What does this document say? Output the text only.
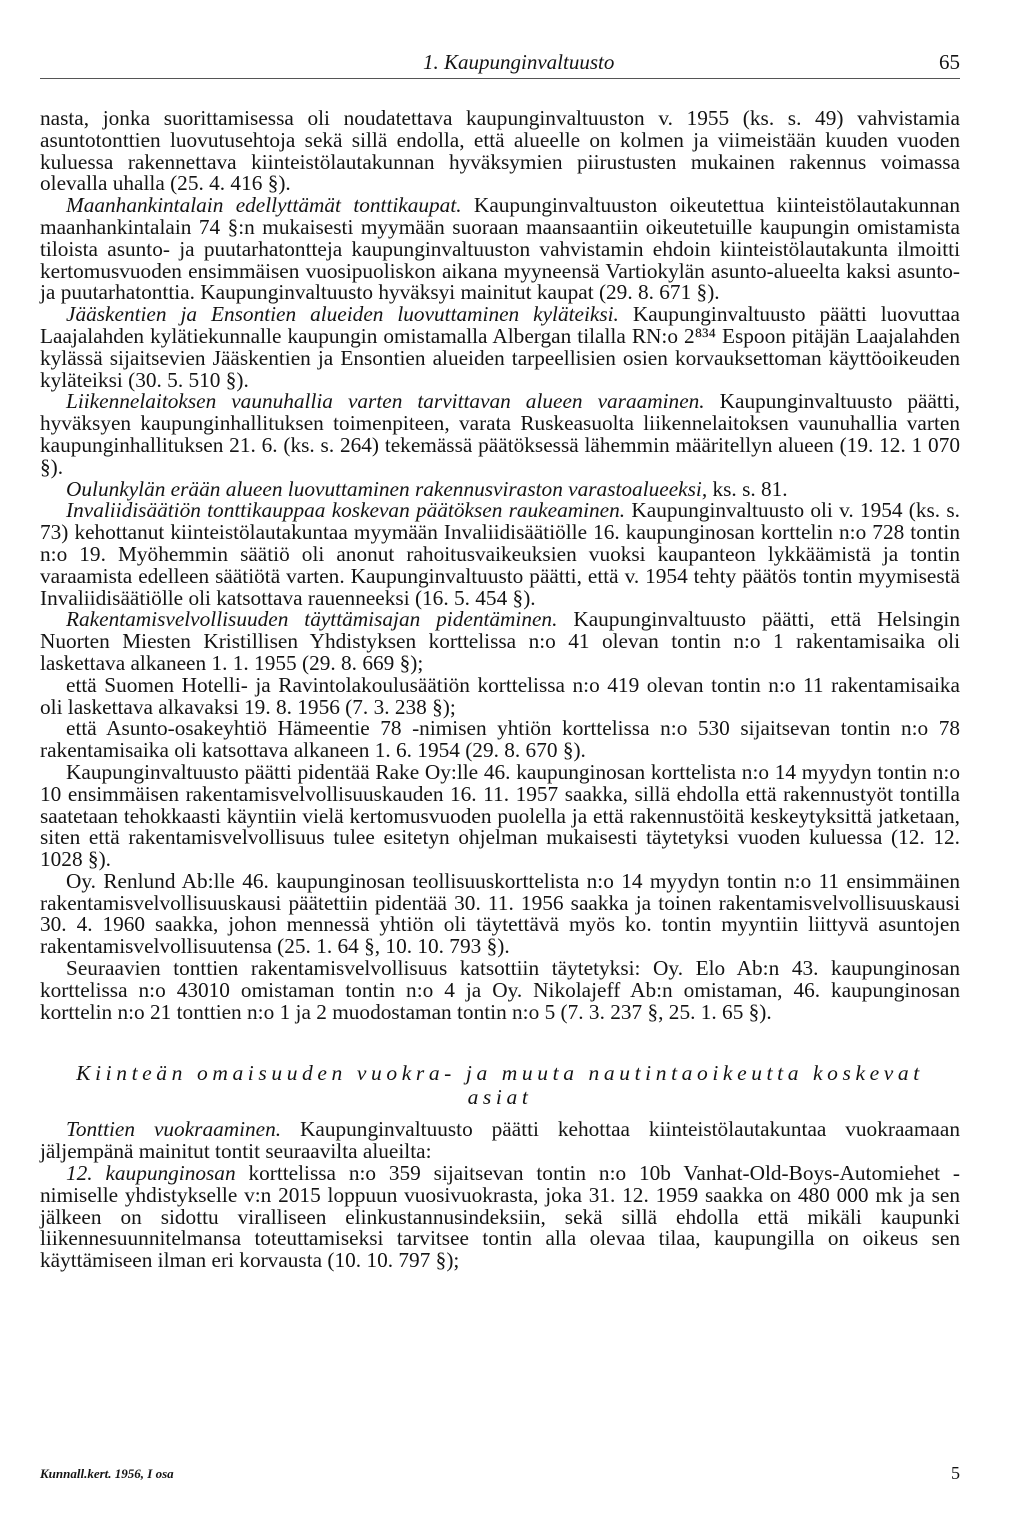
1. Kaupunginvaltuusto	65

nasta, jonka suorittamisessa oli noudatettava kaupunginvaltuuston v. 1955 (ks. s. 49) vahvistamia asuntotonttien luovutusehtoja sekä sillä endolla, että alueelle on kolmen ja viimeistään kuuden vuoden kuluessa rakennettava kiinteistölautakunnan hyväksymien piirustusten mukainen rakennus voimassa olevalla uhalla (25. 4. 416 §).

Maanhankintalain edellyttämät tonttikaupat. Kaupunginvaltuuston oikeutettua kiinteistölautakunnan maanhankintalain 74 §:n mukaisesti myymään suoraan maansaantiin oikeutetuille kaupungin omistamista tiloista asunto- ja puutarhatontteja kaupunginvaltuuston vahvistamin ehdoin kiinteistölautakunta ilmoitti kertomusvuoden ensimmäisen vuosipuoliskon aikana myyneensä Vartiokylän asunto-alueelta kaksi asunto- ja puutarhatonttia. Kaupunginvaltuusto hyväksyi mainitut kaupat (29. 8. 671 §).

Jääskentien ja Ensontien alueiden luovuttaminen kyläteiksi. Kaupunginvaltuusto päätti luovuttaa Laajalahden kylätiekunnalle kaupungin omistamalla Albergan tilalla RN:o 2⁸³⁴ Espoon pitäjän Laajalahden kylässä sijaitsevien Jääskentien ja Ensontien alueiden tarpeellisien osien korvauksettoman käyttöoikeuden kyläteiksi (30. 5. 510 §).

Liikennelaitoksen vaunuhallia varten tarvittavan alueen varaaminen. Kaupunginvaltuusto päätti, hyväksyen kaupunginhallituksen toimenpiteen, varata Ruskeasuolta liikennelaitoksen vaunuhallia varten kaupunginhallituksen 21. 6. (ks. s. 264) tekemässä päätöksessä lähemmin määritellyn alueen (19. 12. 1 070 §).

Oulunkylän erään alueen luovuttaminen rakennusviraston varastoalueeksi, ks. s. 81.

Invaliidisäätiön tonttikauppaa koskevan päätöksen raukeaminen. Kaupunginvaltuusto oli v. 1954 (ks. s. 73) kehottanut kiinteistölautakuntaa myymään Invaliidisäätiölle 16. kaupunginosan korttelin n:o 728 tontin n:o 19. Myöhemmin säätiö oli anonut rahoitusvaikeuksien vuoksi kaupanteon lykkäämistä ja tontin varaamista edelleen säätiötä varten. Kaupunginvaltuusto päätti, että v. 1954 tehty päätös tontin myymisestä Invaliidisäätiölle oli katsottava rauenneeksi (16. 5. 454 §).

Rakentamisvelvollisuuden täyttämisajan pidentäminen. Kaupunginvaltuusto päätti, että Helsingin Nuorten Miesten Kristillisen Yhdistyksen korttelissa n:o 41 olevan tontin n:o 1 rakentamisaika oli laskettava alkaneen 1. 1. 1955 (29. 8. 669 §);

että Suomen Hotelli- ja Ravintolakoulusäätiön korttelissa n:o 419 olevan tontin n:o 11 rakentamisaika oli laskettava alkavaksi 19. 8. 1956 (7. 3. 238 §);

että Asunto-osakeyhtiö Hämeentie 78 -nimisen yhtiön korttelissa n:o 530 sijaitsevan tontin n:o 78 rakentamisaika oli katsottava alkaneen 1. 6. 1954 (29. 8. 670 §).

Kaupunginvaltuusto päätti pidentää Rake Oy:lle 46. kaupunginosan korttelista n:o 14 myydyn tontin n:o 10 ensimmäisen rakentamisvelvollisuuskauden 16. 11. 1957 saakka, sillä ehdolla että rakennustyöt tontilla saatetaan tehokkaasti käyntiin vielä kertomusvuoden puolella ja että rakennustöitä keskeytyksittä jatketaan, siten että rakentamisvelvollisuus tulee esitetyn ohjelman mukaisesti täytetyksi vuoden kuluessa (12. 12. 1028 §).

Oy. Renlund Ab:lle 46. kaupunginosan teollisuuskorttelista n:o 14 myydyn tontin n:o 11 ensimmäinen rakentamisvelvollisuuskausi päätettiin pidentää 30. 11. 1956 saakka ja toinen rakentamisvelvollisuuskausi 30. 4. 1960 saakka, johon mennessä yhtiön oli täytettävä myös ko. tontin myyntiin liittyvä asuntojen rakentamisvelvollisuutensa (25. 1. 64 §, 10. 10. 793 §).

Seuraavien tonttien rakentamisvelvollisuus katsottiin täytetyksi: Oy. Elo Ab:n 43. kaupunginosan korttelissa n:o 43010 omistaman tontin n:o 4 ja Oy. Nikolajeff Ab:n omistaman, 46. kaupunginosan korttelin n:o 21 tonttien n:o 1 ja 2 muodostaman tontin n:o 5 (7. 3. 237 §, 25. 1. 65 §).

Kiinteän omaisuuden vuokra- ja muuta nautintaoikeutta koskevat asiat

Tonttien vuokraaminen. Kaupunginvaltuusto päätti kehottaa kiinteistölautakuntaa vuokraamaan jäljempänä mainitut tontit seuraavilta alueilta:

12. kaupunginosan korttelissa n:o 359 sijaitsevan tontin n:o 10b Vanhat-Old-Boys-Automiehet -nimiselle yhdistykselle v:n 2015 loppuun vuosivuokrasta, joka 31. 12. 1959 saakka on 480 000 mk ja sen jälkeen on sidottu viralliseen elinkustannusindeksiin, sekä sillä ehdolla että mikäli kaupunki liikennesuunnitelmansa toteuttamiseksi tarvitsee tontin alla olevaa tilaa, kaupungilla on oikeus sen käyttämiseen ilman eri korvausta (10. 10. 797 §);

Kunnall.kert. 1956, I osa	5
